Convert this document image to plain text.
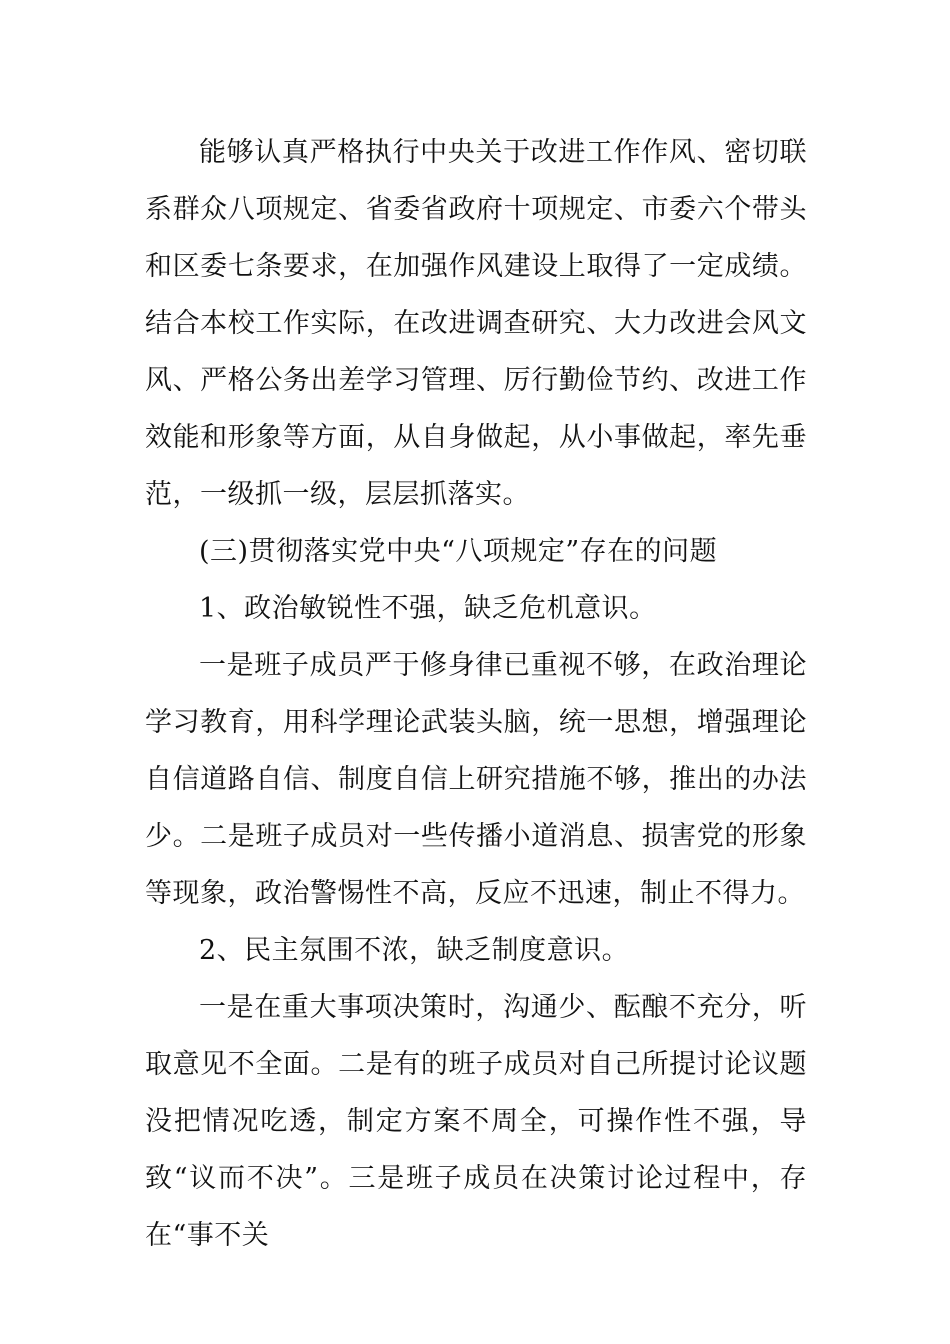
能够认真严格执行中央关于改进工作作风、密切联系群众八项规定、省委省政府十项规定、市委六个带头和区委七条要求，在加强作风建设上取得了一定成绩。结合本校工作实际，在改进调查研究、大力改进会风文风、严格公务出差学习管理、厉行勤俭节约、改进工作效能和形象等方面，从自身做起，从小事做起，率先垂范，一级抓一级，层层抓落实。

(三)贯彻落实党中央“八项规定”存在的问题

1、政治敏锐性不强，缺乏危机意识。

一是班子成员严于修身律已重视不够，在政治理论学习教育，用科学理论武装头脑，统一思想，增强理论自信道路自信、制度自信上研究措施不够，推出的办法少。二是班子成员对一些传播小道消息、损害党的形象等现象，政治警惕性不高，反应不迅速，制止不得力。

2、民主氛围不浓，缺乏制度意识。

一是在重大事项决策时，沟通少、酝酿不充分，听取意见不全面。二是有的班子成员对自己所提讨论议题没把情况吃透，制定方案不周全，可操作性不强，导致“议而不决”。三是班子成员在决策讨论过程中，存在“事不关
